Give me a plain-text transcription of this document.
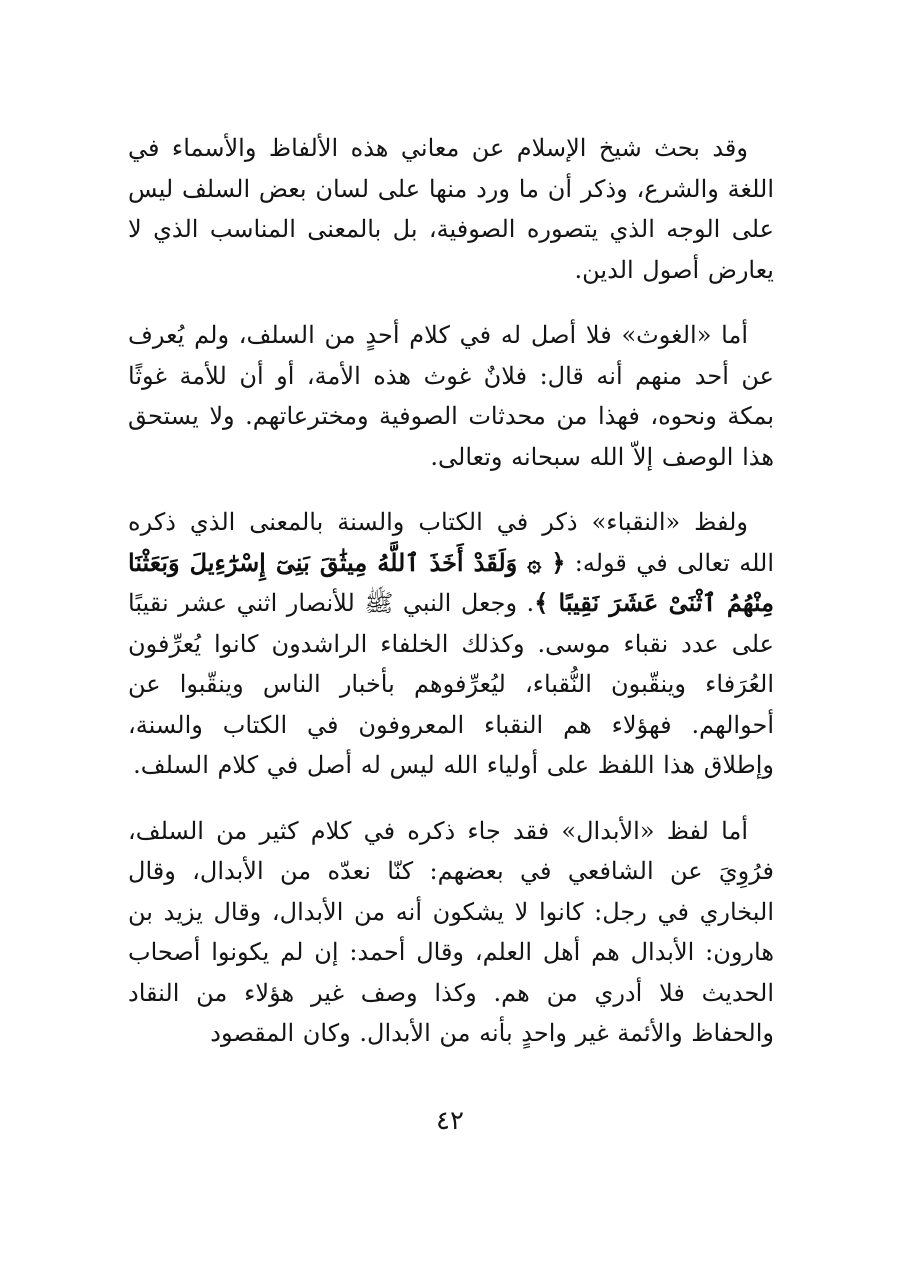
وقد بحث شيخ الإسلام عن معاني هذه الألفاظ والأسماء في اللغة والشرع، وذكر أن ما ورد منها على لسان بعض السلف ليس على الوجه الذي يتصوره الصوفية، بل بالمعنى المناسب الذي لا يعارض أصول الدين.

أما «الغوث» فلا أصل له في كلام أحدٍ من السلف، ولم يُعرف عن أحد منهم أنه قال: فلانٌ غوث هذه الأمة، أو أن للأمة غوثًا بمكة ونحوه، فهذا من محدثات الصوفية ومخترعاتهم. ولا يستحق هذا الوصف إلاّ الله سبحانه وتعالى.

ولفظ «النقباء» ذكر في الكتاب والسنة بالمعنى الذي ذكره الله تعالى في قوله: ﴿ ۞ وَلَقَدْ أَخَذَ ٱللَّهُ مِيثَٰقَ بَنِىٓ إِسْرَٰٓءِيلَ وَبَعَثْنَا مِنْهُمُ ٱثْنَىْ عَشَرَ نَقِيبًا ﴾. وجعل النبي ﷺ للأنصار اثني عشر نقيبًا على عدد نقباء موسى. وكذلك الخلفاء الراشدون كانوا يُعرِّفون العُرَفاء وينقّبون النُّقباء، ليُعرِّفوهم بأخبار الناس وينقّبوا عن أحوالهم. فهؤلاء هم النقباء المعروفون في الكتاب والسنة، وإطلاق هذا اللفظ على أولياء الله ليس له أصل في كلام السلف.

أما لفظ «الأبدال» فقد جاء ذكره في كلام كثير من السلف، فرُوِيَ عن الشافعي في بعضهم: كنّا نعدّه من الأبدال، وقال البخاري في رجل: كانوا لا يشكون أنه من الأبدال، وقال يزيد بن هارون: الأبدال هم أهل العلم، وقال أحمد: إن لم يكونوا أصحاب الحديث فلا أدري من هم. وكذا وصف غير هؤلاء من النقاد والحفاظ والأئمة غير واحدٍ بأنه من الأبدال. وكان المقصود

٤٢
